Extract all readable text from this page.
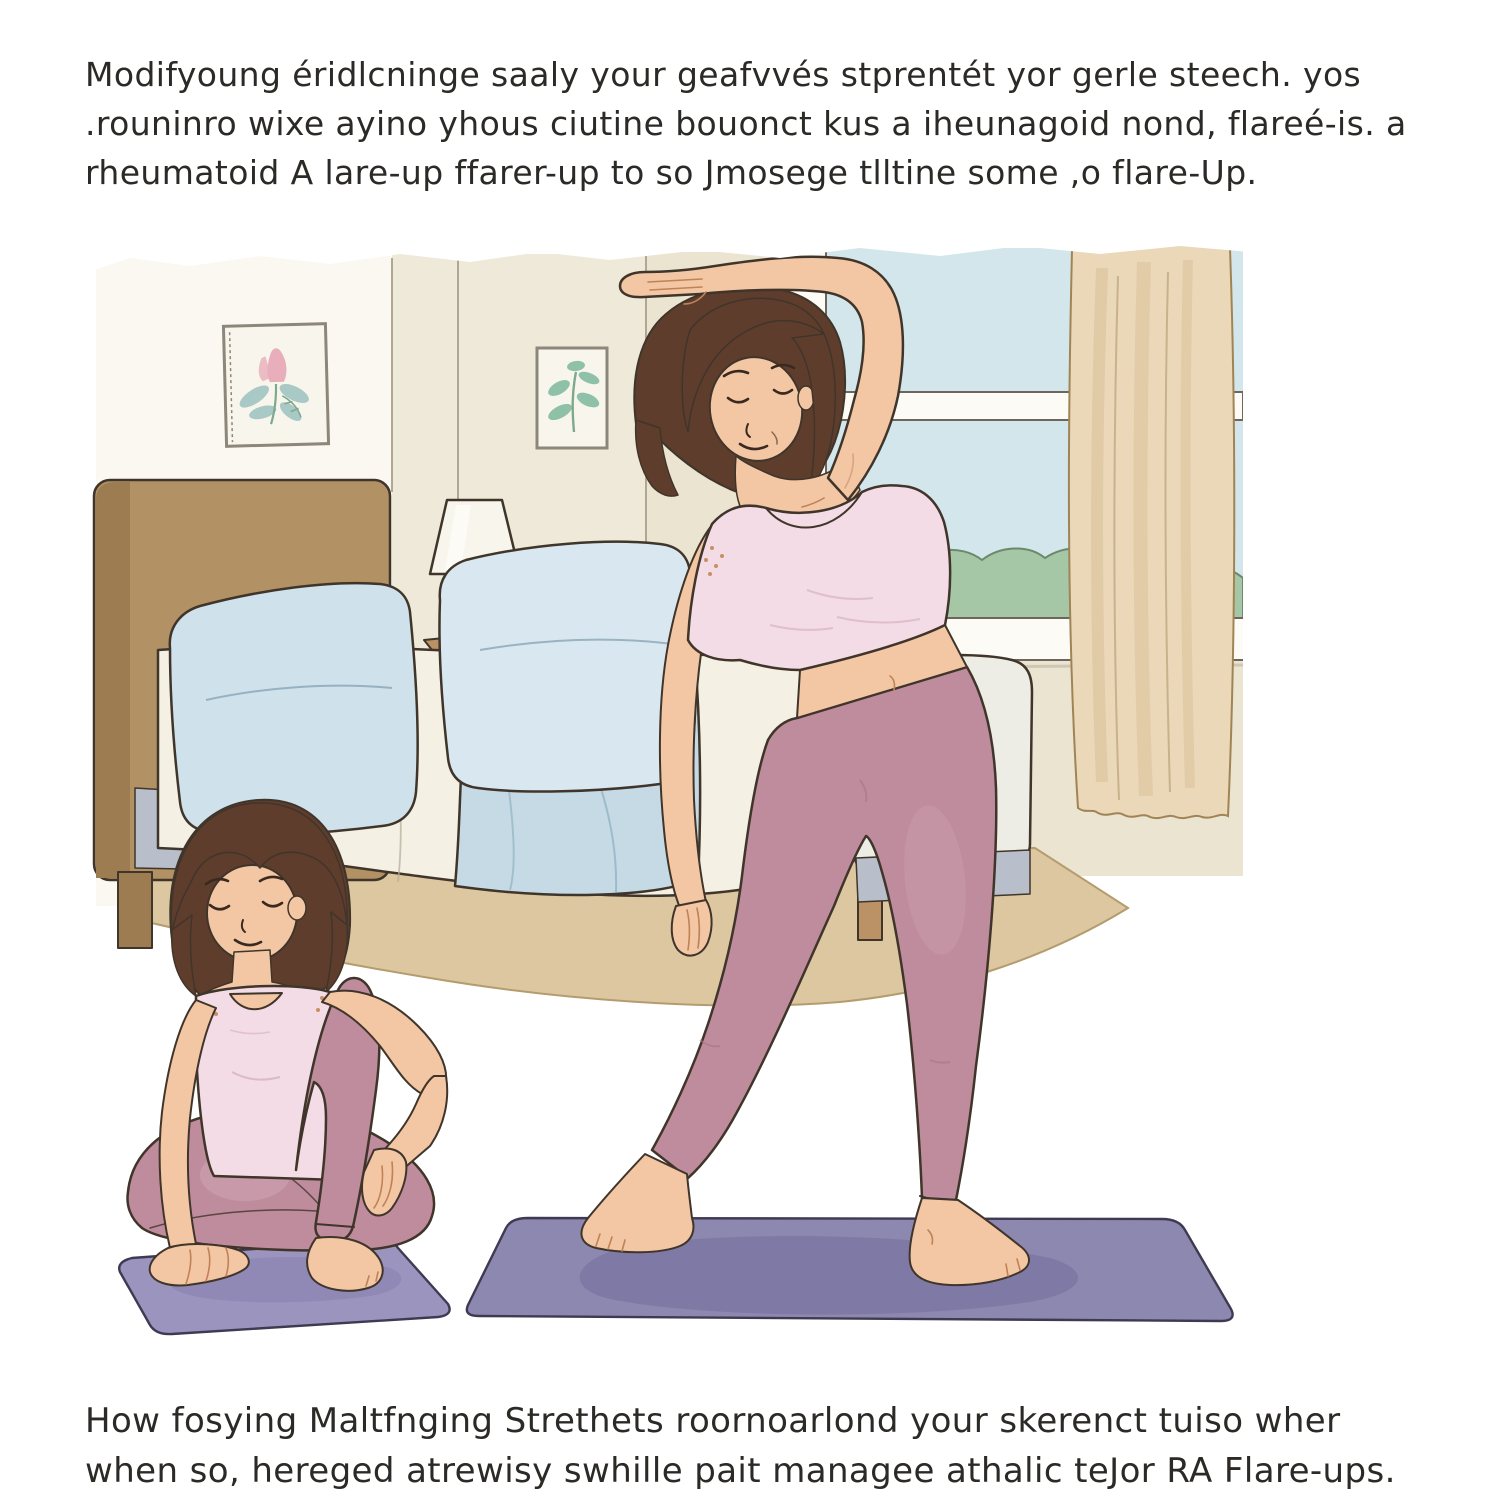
Modifyoung éridlcninge saaly your geafvvés stprentét yor gerle steech. yos
.rouninro wixe ayino yhous ciutine bouonct kus a iheunagoid nond, flareé-is. a
rheumatoid A lare-up ffarer-up to so Jmosege tlltine some ,o flare-Up.
How fosying Maltfnging Strethets roornoarlond your skerenct tuiso wher
when so, hereged atrewisy swhille pait managee athalic teJor RA Flare-ups.
